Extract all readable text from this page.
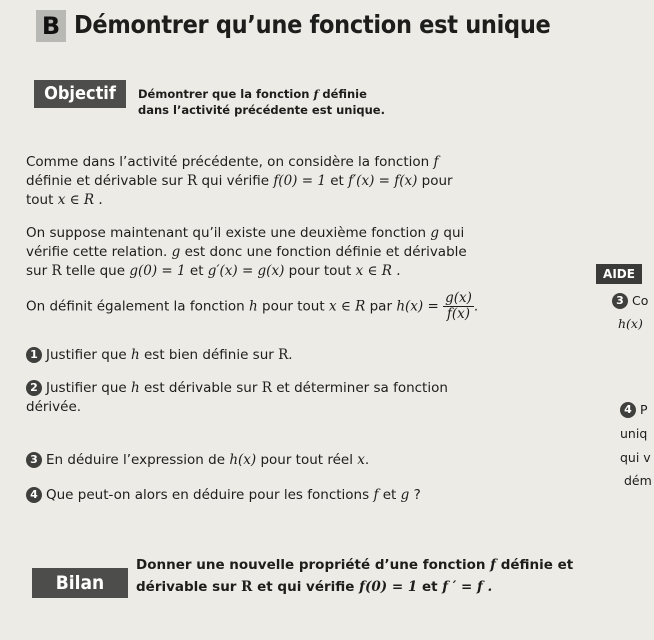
B Démontrer qu’une fonction est unique
Objectif	Démontrer que la fonction f définie
dans l’activité précédente est unique.
Comme dans l’activité précédente, on considère la fonction f
définie et dérivable sur R qui vérifie f(0) = 1 et f′(x) = f(x) pour
tout x ∈ R .
On suppose maintenant qu’il existe une deuxième fonction g qui
vérifie cette relation. g est donc une fonction définie et dérivable
sur R telle que g(0) = 1 et g′(x) = g(x) pour tout x ∈ R .
On définit également la fonction h pour tout x ∈ R par $h(x) = \frac{g(x)}{f(x)}$ .
1 Justifier que h est bien définie sur R.
2 Justifier que h est dérivable sur R et déterminer sa fonction
dérivée.
3 En déduire l’expression de h(x) pour tout réel x.
4 Que peut-on alors en déduire pour les fonctions f et g ?
AIDE
3 Co
h(x)
4 P
uniq
qui v
dém
Bilan
Donner une nouvelle propriété d’une fonction f définie et
dérivable sur R et qui vérifie f(0) = 1 et f ′ = f .
